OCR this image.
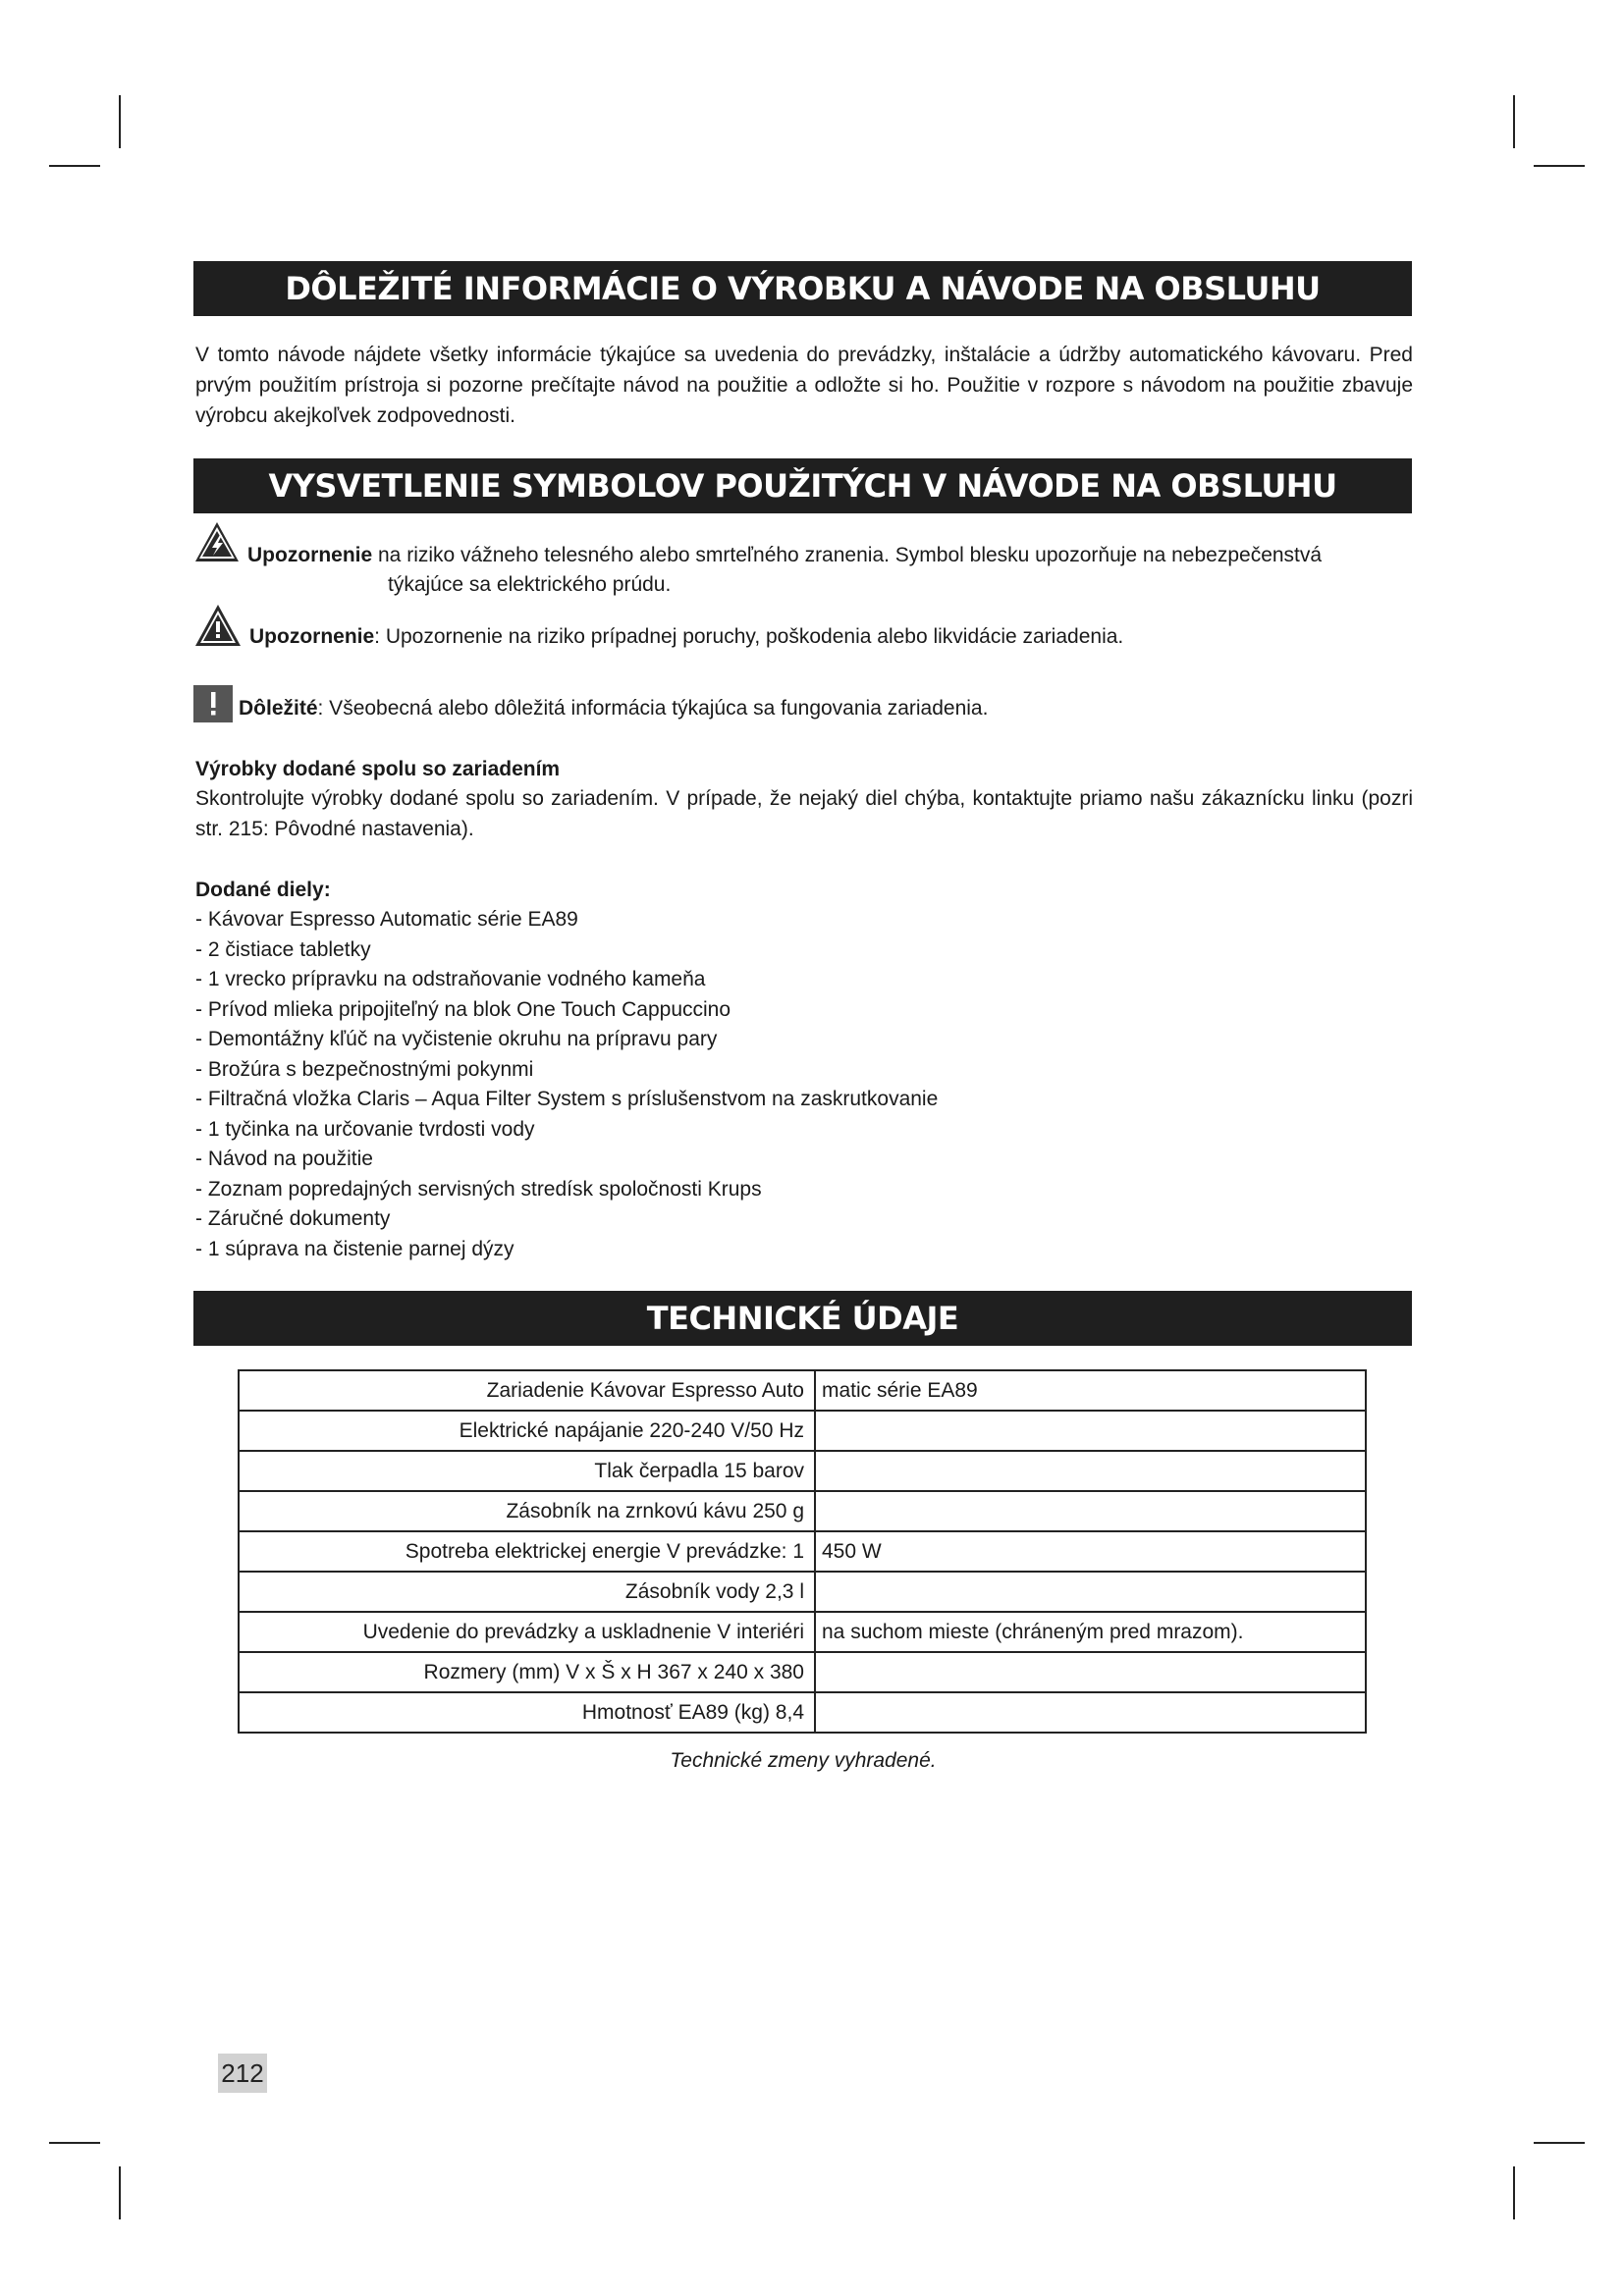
DÔLEŽITÉ INFORMÁCIE O VÝROBKU A NÁVODE NA OBSLUHU

V tomto návode nájdete všetky informácie týkajúce sa uvedenia do prevádzky, inštalácie a údržby automatického kávovaru. Pred prvým použitím prístroja si pozorne prečítajte návod na použitie a odložte si ho. Použitie v rozpore s návodom na použitie zbavuje výrobcu akejkoľvek zodpovednosti.

VYSVETLENIE SYMBOLOV POUŽITÝCH V NÁVODE NA OBSLUHU
Upozornenie na riziko vážneho telesného alebo smrteľného zranenia. Symbol blesku upozorňuje na nebezpečenstvá
týkajúce sa elektrického prúdu.
Upozornenie: Upozornenie na riziko prípadnej poruchy, poškodenia alebo likvidácie zariadenia.
Dôležité: Všeobecná alebo dôležitá informácia týkajúca sa fungovania zariadenia.
Výrobky dodané spolu so zariadením

Skontrolujte výrobky dodané spolu so zariadením. V prípade, že nejaký diel chýba, kontaktujte priamo našu zákaznícku linku (pozri str. 215: Pôvodné nastavenia).

Dodané diely:
- Kávovar Espresso Automatic série EA89
- 2 čistiace tabletky
- 1 vrecko prípravku na odstraňovanie vodného kameňa
- Prívod mlieka pripojiteľný na blok One Touch Cappuccino
- Demontážny kľúč na vyčistenie okruhu na prípravu pary
- Brožúra s bezpečnostnými pokynmi
- Filtračná vložka Claris – Aqua Filter System s príslušenstvom na zaskrutkovanie
- 1 tyčinka na určovanie tvrdosti vody
- Návod na použitie
- Zoznam popredajných servisných stredísk spoločnosti Krups
- Záručné dokumenty
- 1 súprava na čistenie parnej dýzy
TECHNICKÉ ÚDAJE
Zariadenie Kávovar Espresso Auto	matic série EA89
Elektrické napájanie 220-240 V/50 Hz	
Tlak čerpadla 15 barov	
Zásobník na zrnkovú kávu 250 g	
Spotreba elektrickej energie V prevádzke: 1	450 W
Zásobník vody 2,3 l	
Uvedenie do prevádzky a uskladnenie V interiéri	na suchom mieste (chráneným pred mrazom).
Rozmery (mm) V x Š x H 367 x 240 x 380	
Hmotnosť EA89 (kg) 8,4	
Technické zmeny vyhradené.
212
